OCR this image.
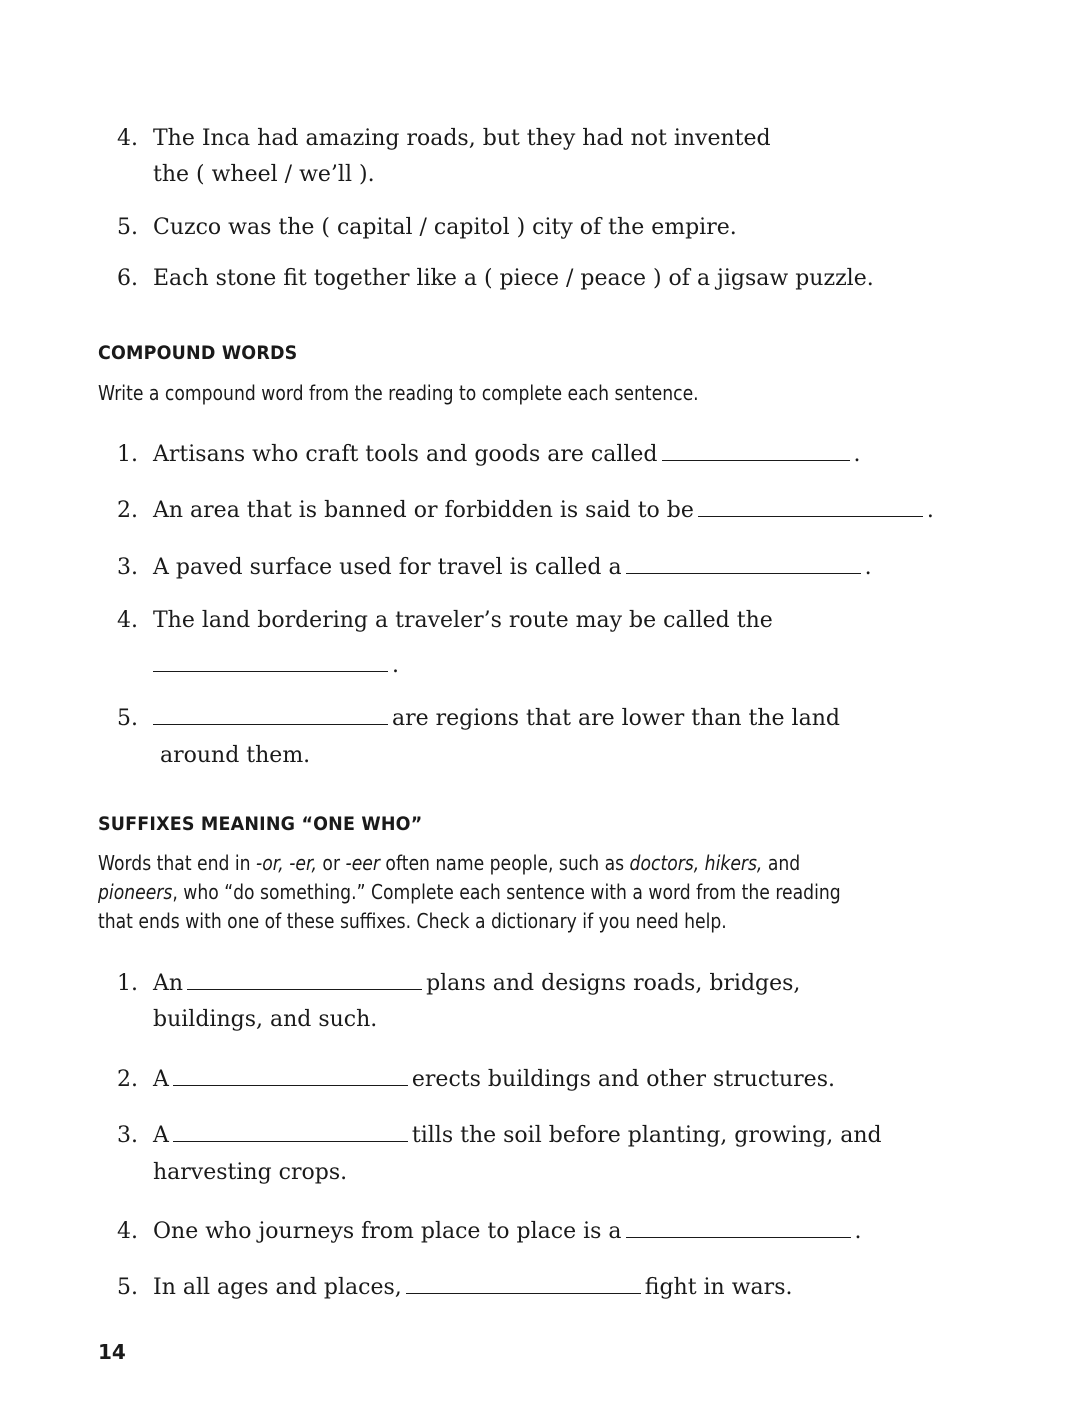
4. The Inca had amazing roads, but they had not invented
the ( wheel / we’ll ).
5. Cuzco was the ( capital / capitol ) city of the empire.
6. Each stone fit together like a ( piece / peace ) of a jigsaw puzzle.
COMPOUND WORDS
Write a compound word from the reading to complete each sentence.
1. Artisans who craft tools and goods are called	.
2. An area that is banned or forbidden is said to be	.
3. A paved surface used for travel is called a	.
4. The land bordering a traveler’s route may be called the
.
5.	are regions that are lower than the land
around them.
SUFFIXES MEANING “ONE WHO”
Words that end in -or, -er, or -eer often name people, such as doctors, hikers, and
pioneers, who “do something.” Complete each sentence with a word from the reading
that ends with one of these suffixes. Check a dictionary if you need help.
1. An	plans and designs roads, bridges,
buildings, and such.
2. A	erects buildings and other structures.
3. A	tills the soil before planting, growing, and
harvesting crops.
4. One who journeys from place to place is a	.
5. In all ages and places,	fight in wars.
14
